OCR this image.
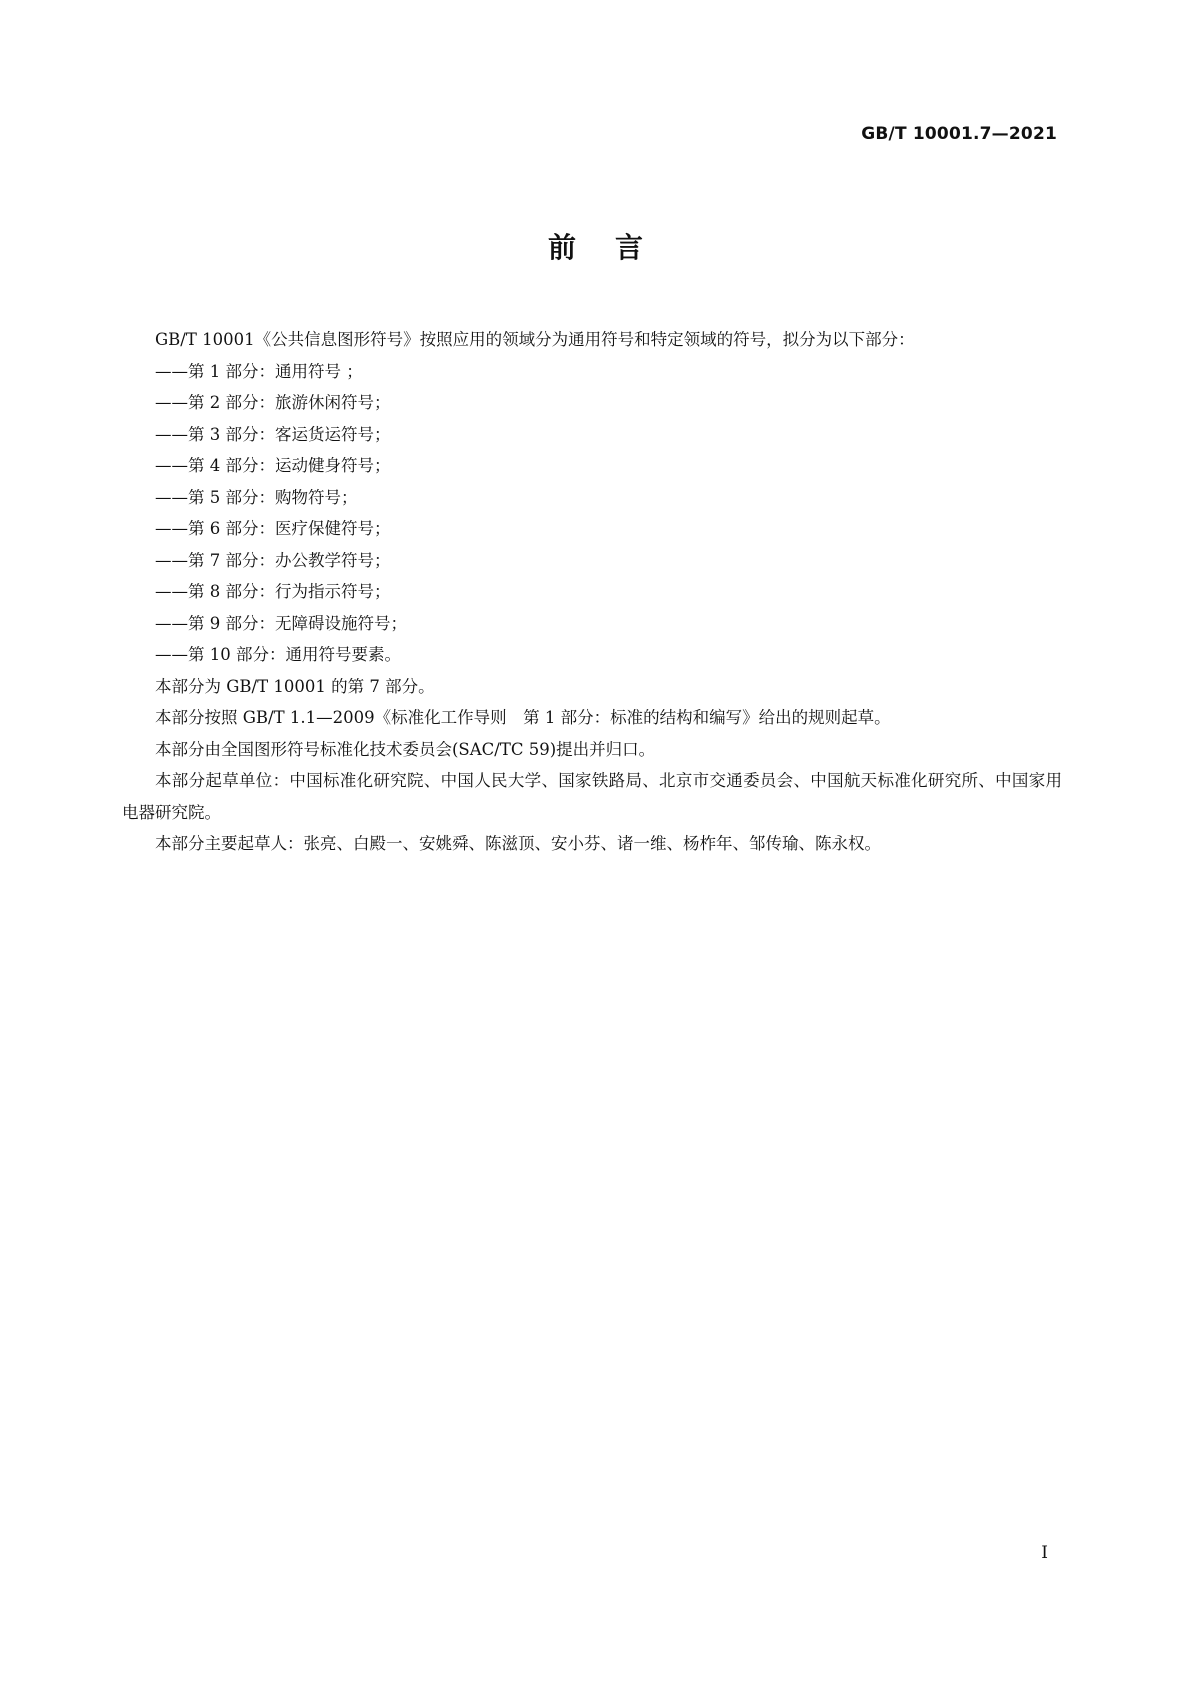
GB/T 10001.7—2021
前    言

GB/T 10001《公共信息图形符号》按照应用的领域分为通用符号和特定领域的符号，拟分为以下部分：

——第 1 部分：通用符号 ；
——第 2 部分：旅游休闲符号；
——第 3 部分：客运货运符号；
——第 4 部分：运动健身符号；
——第 5 部分：购物符号；
——第 6 部分：医疗保健符号；
——第 7 部分：办公教学符号；
——第 8 部分：行为指示符号；
——第 9 部分：无障碍设施符号；
——第 10 部分：通用符号要素。

本部分为 GB/T 10001 的第 7 部分。

本部分按照 GB/T 1.1—2009《标准化工作导则　第 1 部分：标准的结构和编写》给出的规则起草。

本部分由全国图形符号标准化技术委员会(SAC/TC 59)提出并归口。

本部分起草单位：中国标准化研究院、中国人民大学、国家铁路局、北京市交通委员会、中国航天标准化研究所、中国家用电器研究院。

本部分主要起草人：张亮、白殿一、安姚舜、陈滋顶、安小芬、诸一维、杨柞年、邹传瑜、陈永权。

I
